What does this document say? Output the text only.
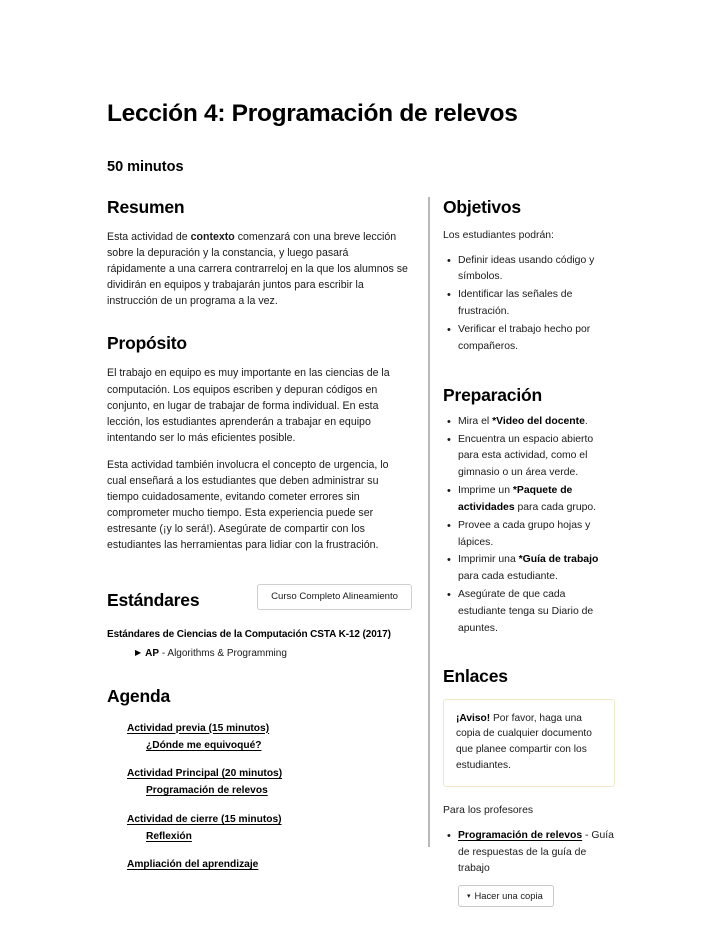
Lección 4: Programación de relevos

50 minutos

Resumen

Esta actividad de contexto comenzará con una breve lección sobre la depuración y la constancia, y luego pasará rápidamente a una carrera contrarreloj en la que los alumnos se dividirán en equipos y trabajarán juntos para escribir la instrucción de un programa a la vez.

Propósito

El trabajo en equipo es muy importante en las ciencias de la computación. Los equipos escriben y depuran códigos en conjunto, en lugar de trabajar de forma individual. En esta lección, los estudiantes aprenderán a trabajar en equipo intentando ser lo más eficientes posible.

Esta actividad también involucra el concepto de urgencia, lo cual enseñará a los estudiantes que deben administrar su tiempo cuidadosamente, evitando cometer errores sin comprometer mucho tiempo. Esta experiencia puede ser estresante (¡y lo será!). Asegúrate de compartir con los estudiantes las herramientas para lidiar con la frustración.

Estándares	Curso Completo Alineamiento
Estándares de Ciencias de la Computación CSTA K-12 (2017)
▶ AP - Algorithms & Programming
Agenda
Actividad previa (15 minutos)
¿Dónde me equivoqué?
Actividad Principal (20 minutos)
Programación de relevos
Actividad de cierre (15 minutos)
Reflexión
Ampliación del aprendizaje
Objetivos

Los estudiantes podrán:

• Definir ideas usando código y símbolos.
• Identificar las señales de frustración.
• Verificar el trabajo hecho por compañeros.
Preparación
• Mira el *Video del docente.
• Encuentra un espacio abierto para esta actividad, como el gimnasio o un área verde.
• Imprime un *Paquete de actividades para cada grupo.
• Provee a cada grupo hojas y lápices.
• Imprimir una *Guía de trabajo para cada estudiante.
• Asegúrate de que cada estudiante tenga su Diario de apuntes.
Enlaces

¡Aviso! Por favor, haga una copia de cualquier documento que planee compartir con los estudiantes.

Para los profesores
• Programación de relevos - Guía de respuestas de la guía de trabajo
▾ Hacer una copia
